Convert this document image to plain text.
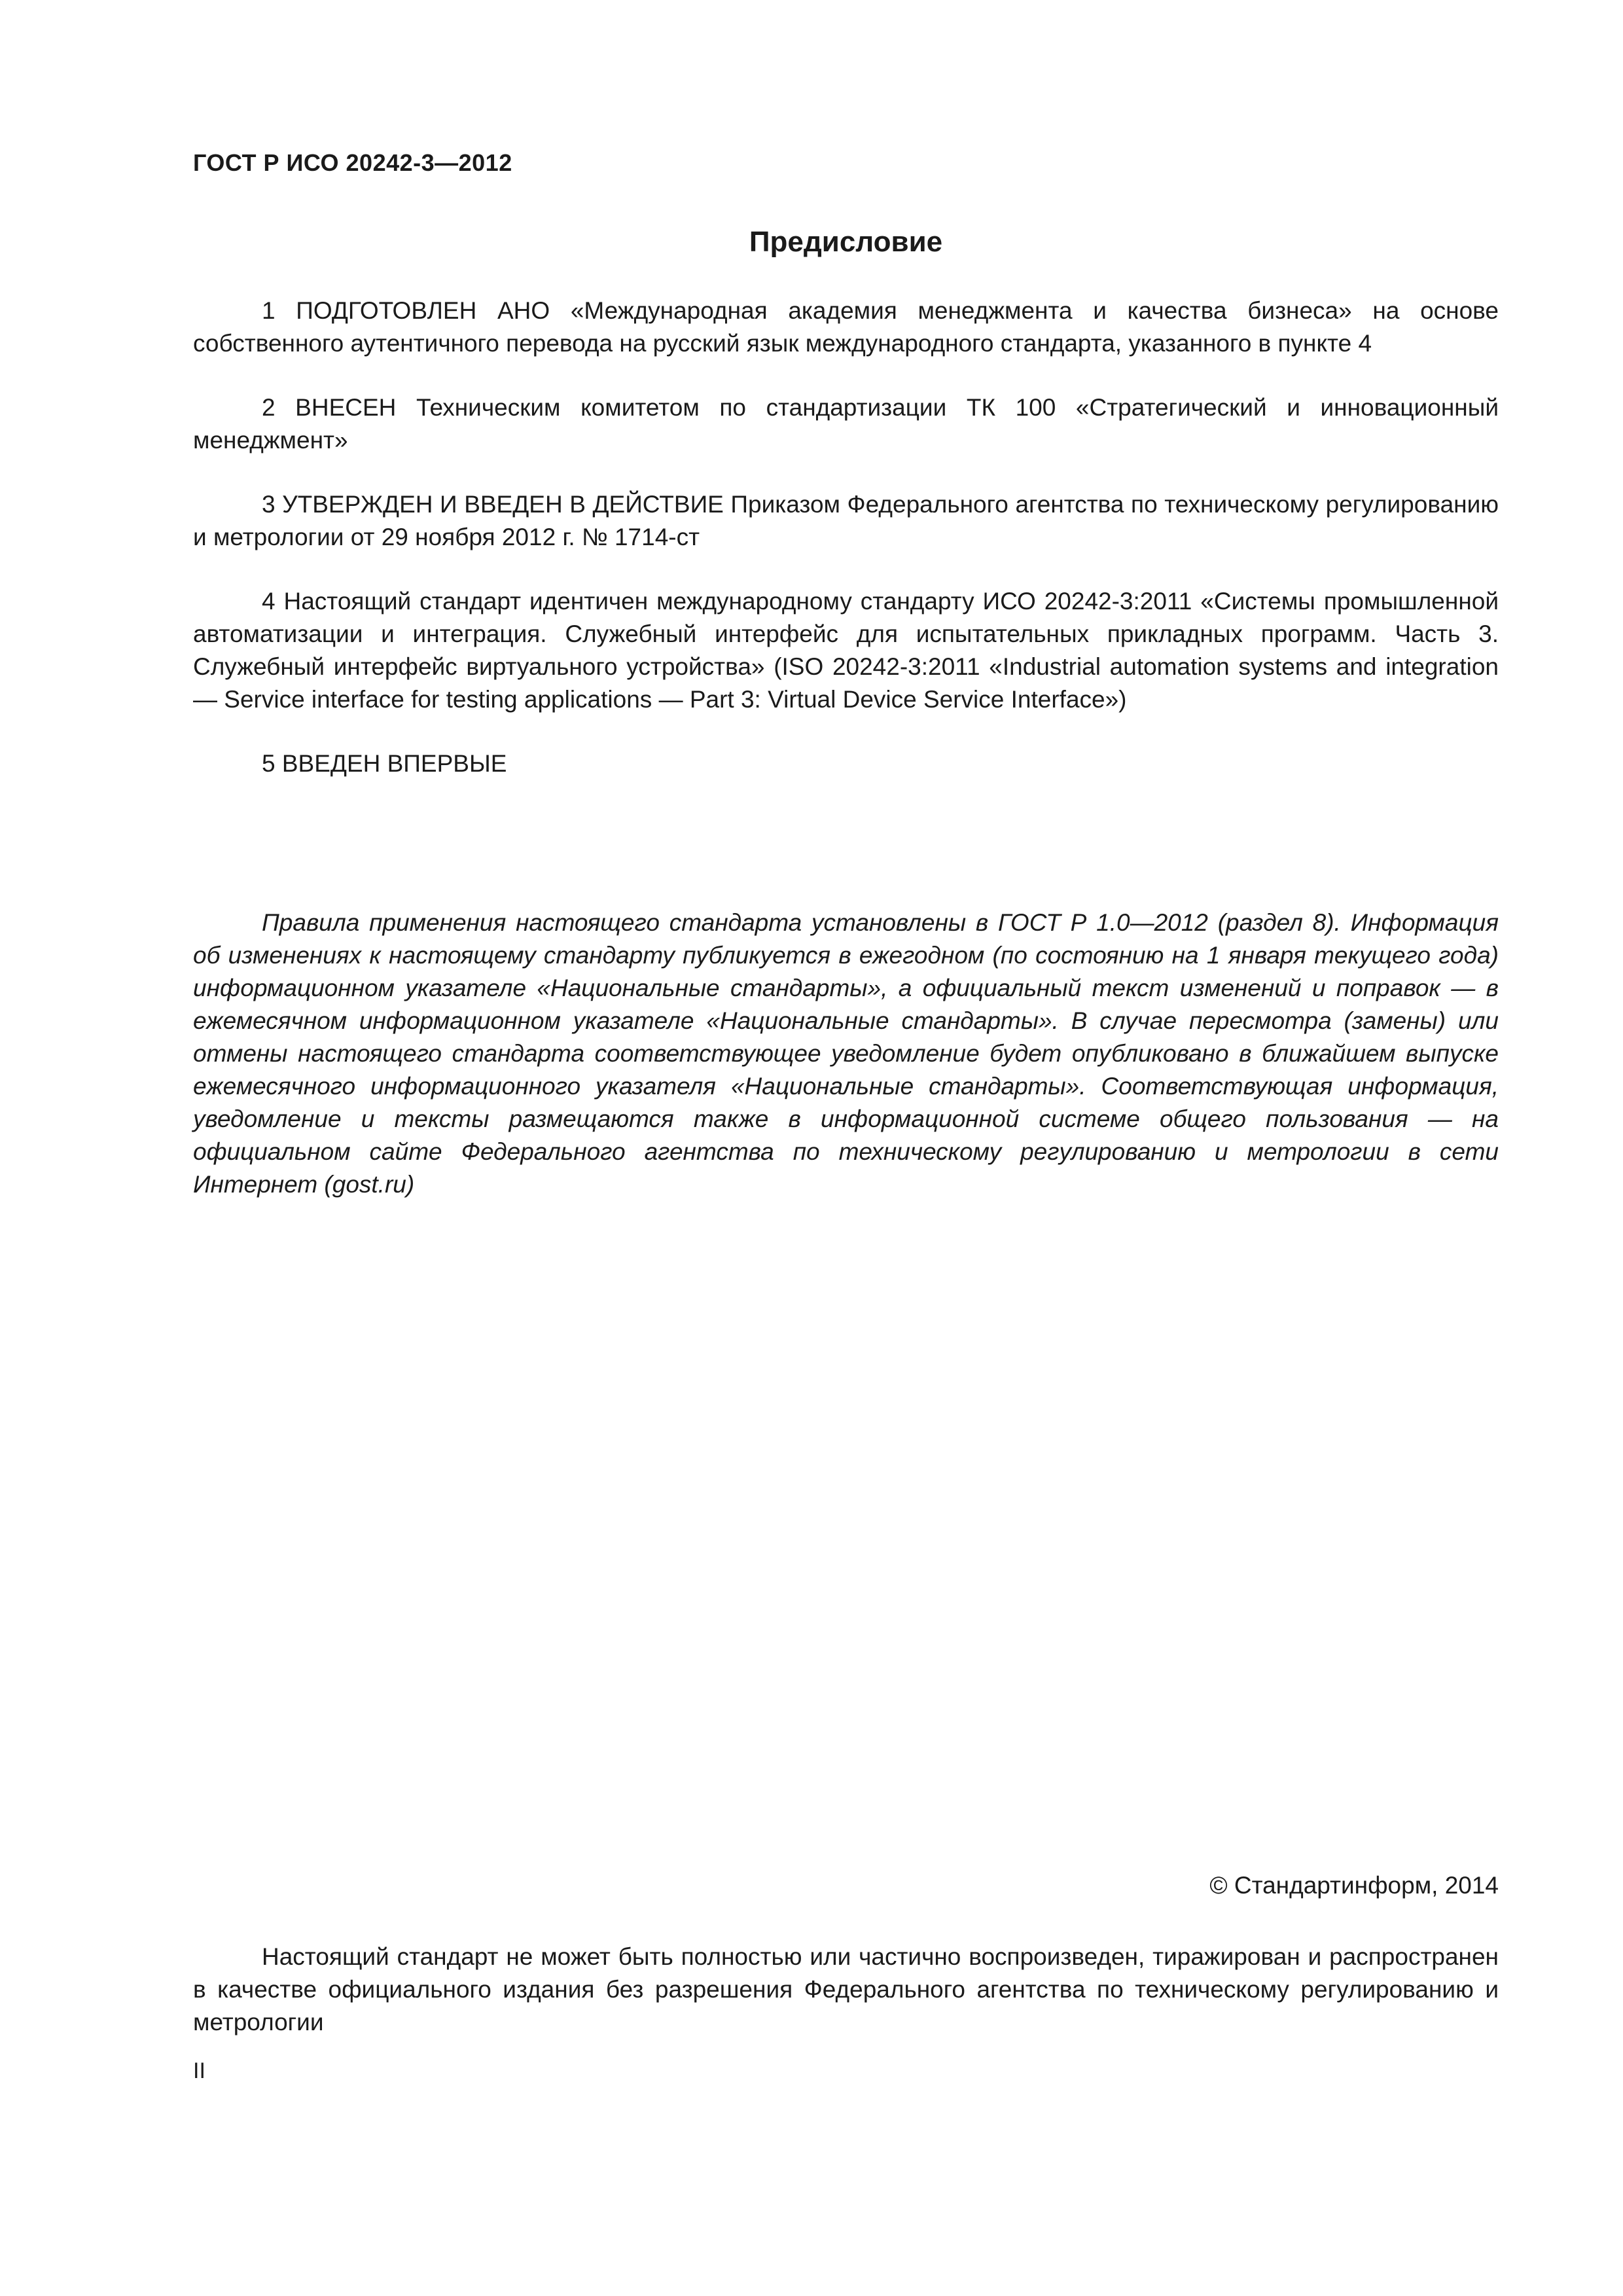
ГОСТ Р ИСО 20242-3—2012
Предисловие

1 ПОДГОТОВЛЕН АНО «Международная академия менеджмента и качества бизнеса» на основе собственного аутентичного перевода на русский язык международного стандарта, указанного в пункте 4

2 ВНЕСЕН Техническим комитетом по стандартизации ТК 100 «Стратегический и инновационный менеджмент»

3 УТВЕРЖДЕН И ВВЕДЕН В ДЕЙСТВИЕ Приказом Федерального агентства по техническому регулированию и метрологии от 29 ноября 2012 г. № 1714-ст

4 Настоящий стандарт идентичен международному стандарту ИСО 20242-3:2011 «Системы промышленной автоматизации и интеграция. Служебный интерфейс для испытательных прикладных программ. Часть 3. Служебный интерфейс виртуального устройства» (ISO 20242-3:2011 «Industrial automation systems and integration — Service interface for testing applications — Part 3: Virtual Device Service Interface»)

5 ВВЕДЕН ВПЕРВЫЕ

Правила применения настоящего стандарта установлены в ГОСТ Р 1.0—2012 (раздел 8). Информация об изменениях к настоящему стандарту публикуется в ежегодном (по состоянию на 1 января текущего года) информационном указателе «Национальные стандарты», а официальный текст изменений и поправок — в ежемесячном информационном указателе «Национальные стандарты». В случае пересмотра (замены) или отмены настоящего стандарта соответствующее уведомление будет опубликовано в ближайшем выпуске ежемесячного информационного указателя «Национальные стандарты». Соответствующая информация, уведомление и тексты размещаются также в информационной системе общего пользования — на официальном сайте Федерального агентства по техническому регулированию и метрологии в сети Интернет (gost.ru)

© Стандартинформ, 2014

Настоящий стандарт не может быть полностью или частично воспроизведен, тиражирован и распространен в качестве официального издания без разрешения Федерального агентства по техническому регулированию и метрологии

II
